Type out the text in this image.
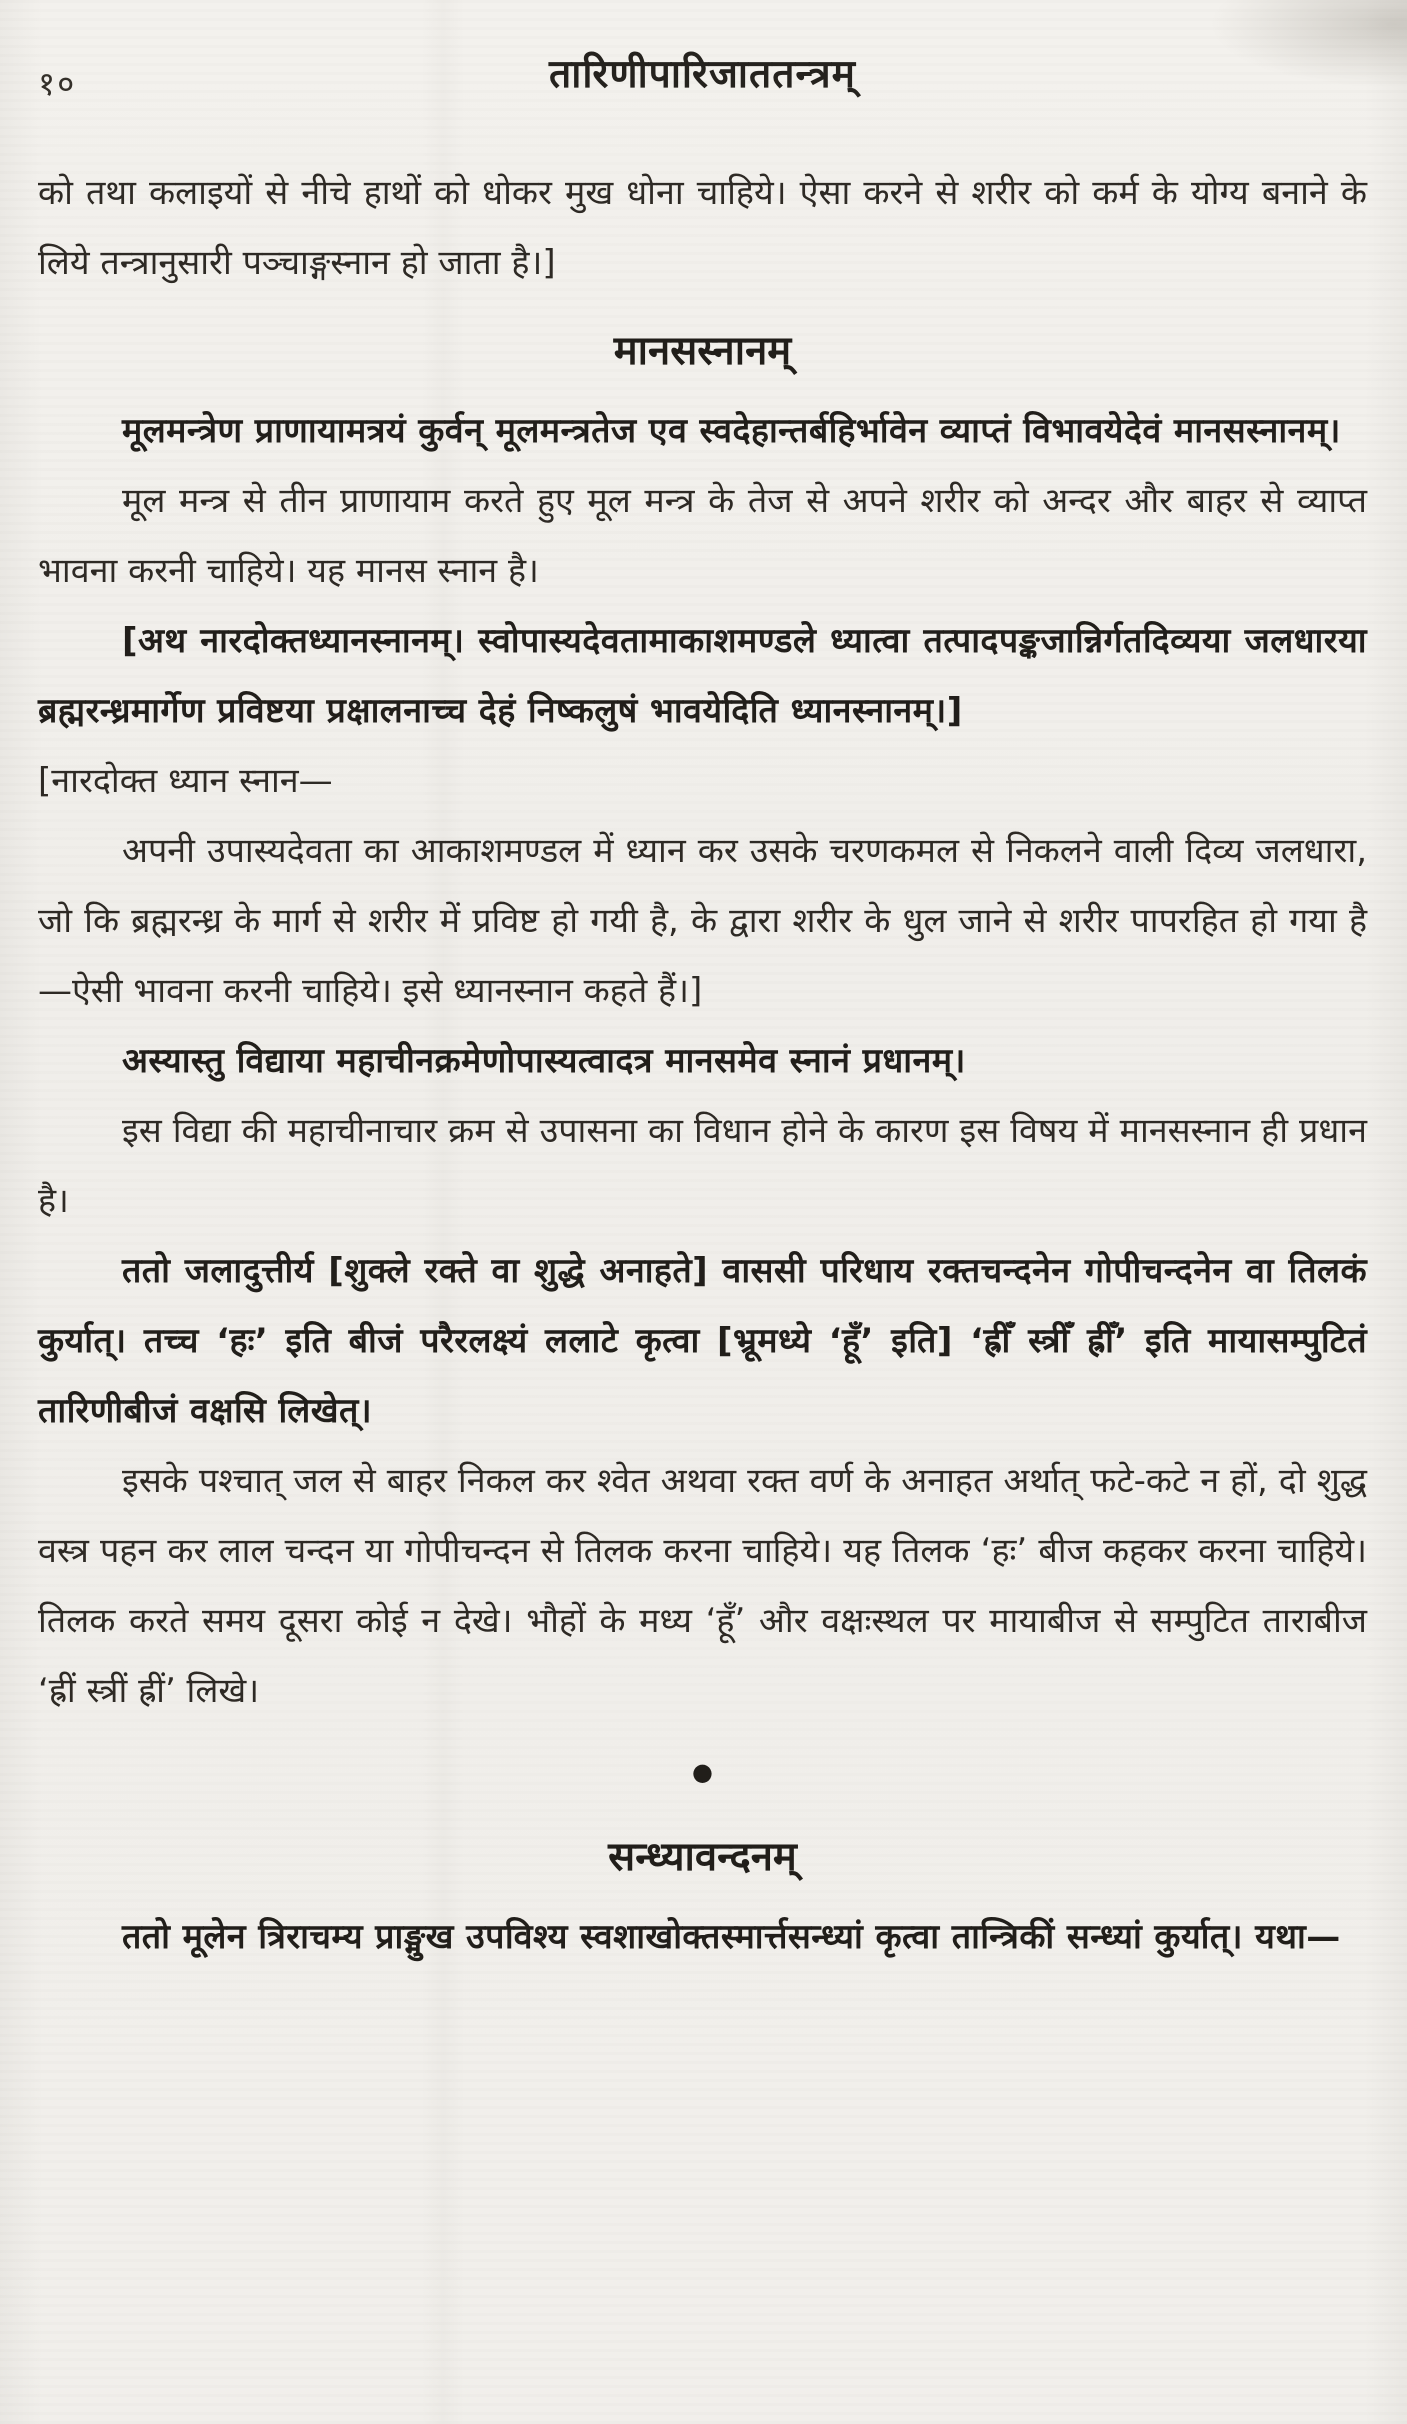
१०	तारिणीपारिजाततन्त्रम्

को तथा कलाइयों से नीचे हाथों को धोकर मुख धोना चाहिये। ऐसा करने से शरीर को कर्म के योग्य बनाने के लिये तन्त्रानुसारी पञ्चाङ्गस्नान हो जाता है।]

मानसस्नानम्

मूलमन्त्रेण प्राणायामत्रयं कुर्वन् मूलमन्त्रतेज एव स्वदेहान्तर्बहिर्भावेन व्याप्तं विभावयेदेवं मानसस्नानम्।

मूल मन्त्र से तीन प्राणायाम करते हुए मूल मन्त्र के तेज से अपने शरीर को अन्दर और बाहर से व्याप्त भावना करनी चाहिये। यह मानस स्नान है।

[अथ नारदोक्तध्यानस्नानम्। स्वोपास्यदेवतामाकाशमण्डले ध्यात्वा तत्पादपङ्कजान्निर्गतदिव्यया जलधारया ब्रह्मरन्ध्रमार्गेण प्रविष्टया प्रक्षालनाच्च देहं निष्कलुषं भावयेदिति ध्यानस्नानम्।]

[नारदोक्त ध्यान स्नान—

अपनी उपास्यदेवता का आकाशमण्डल में ध्यान कर उसके चरणकमल से निकलने वाली दिव्य जलधारा, जो कि ब्रह्मरन्ध्र के मार्ग से शरीर में प्रविष्ट हो गयी है, के द्वारा शरीर के धुल जाने से शरीर पापरहित हो गया है—ऐसी भावना करनी चाहिये। इसे ध्यानस्नान कहते हैं।]

अस्यास्तु विद्याया महाचीनक्रमेणोपास्यत्वादत्र मानसमेव स्नानं प्रधानम्।

इस विद्या की महाचीनाचार क्रम से उपासना का विधान होने के कारण इस विषय में मानसस्नान ही प्रधान है।

ततो जलादुत्तीर्य [शुक्ले रक्ते वा शुद्धे अनाहते] वाससी परिधाय रक्तचन्दनेन गोपीचन्दनेन वा तिलकं कुर्यात्। तच्च ‘हः’ इति बीजं परैरलक्ष्यं ललाटे कृत्वा [भ्रूमध्ये ‘हूँ’ इति] ‘ह्रीँ स्त्रीँ ह्रीँ’ इति मायासम्पुटितं तारिणीबीजं वक्षसि लिखेत्।

इसके पश्चात् जल से बाहर निकल कर श्वेत अथवा रक्त वर्ण के अनाहत अर्थात् फटे-कटे न हों, दो शुद्ध वस्त्र पहन कर लाल चन्दन या गोपीचन्दन से तिलक करना चाहिये। यह तिलक ‘हः’ बीज कहकर करना चाहिये। तिलक करते समय दूसरा कोई न देखे। भौहों के मध्य ‘हूँ’ और वक्षःस्थल पर मायाबीज से सम्पुटित ताराबीज ‘ह्रीं स्त्रीं ह्रीं’ लिखे।

●
सन्ध्यावन्दनम्

ततो मूलेन त्रिराचम्य प्राङ्मुख उपविश्य स्वशाखोक्तस्मार्त्तसन्ध्यां कृत्वा तान्त्रिकीं सन्ध्यां कुर्यात्। यथा—
